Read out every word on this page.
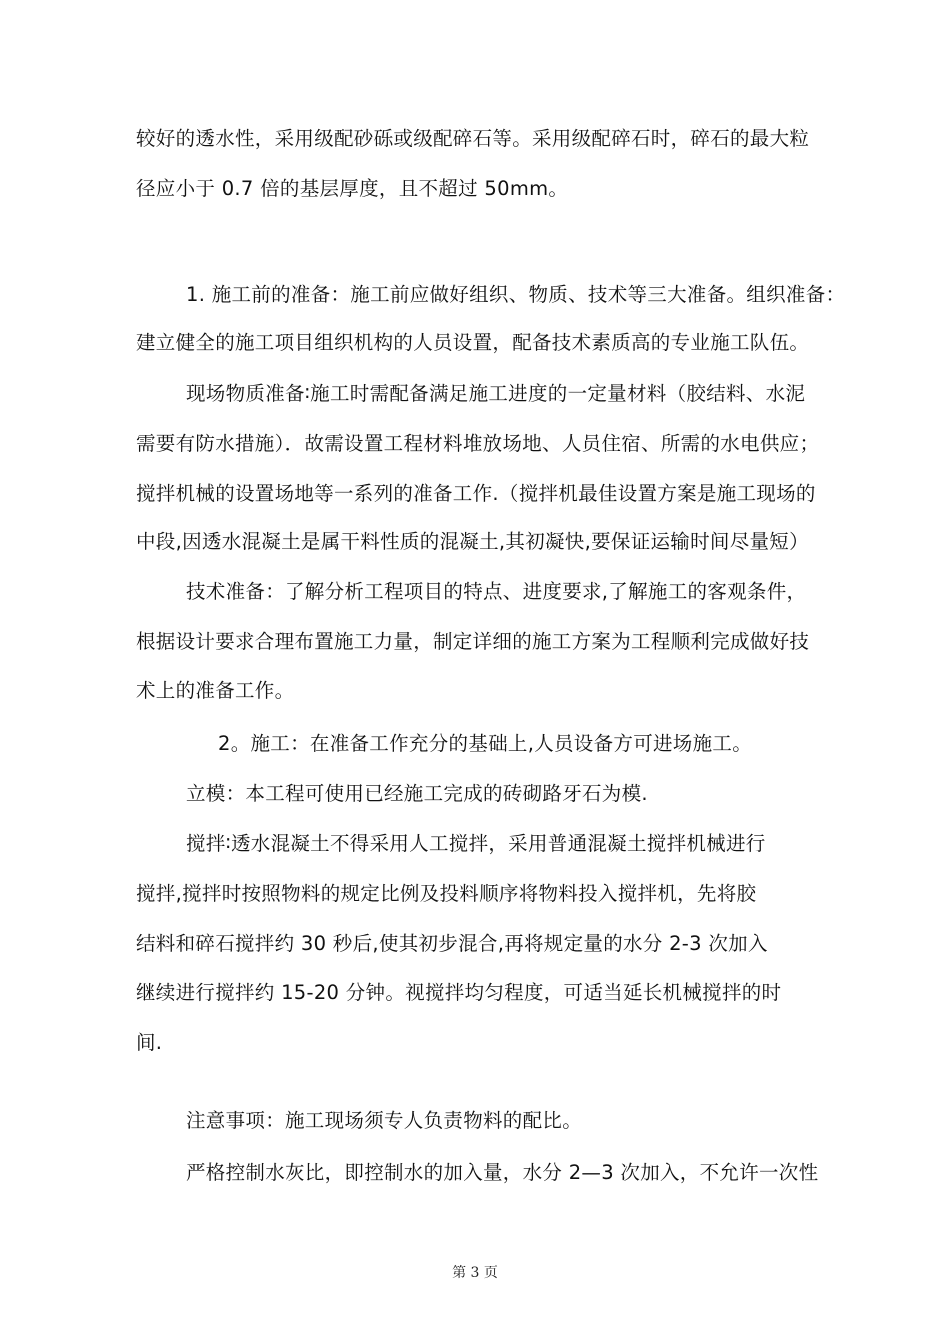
较好的透水性，采用级配砂砾或级配碎石等。采用级配碎石时，碎石的最大粒
径应小于 0.7 倍的基层厚度，且不超过 50mm。
1. 施工前的准备：施工前应做好组织、物质、技术等三大准备。组织准备：
建立健全的施工项目组织机构的人员设置，配备技术素质高的专业施工队伍。
现场物质准备∶施工时需配备满足施工进度的一定量材料（胶结料、水泥
需要有防水措施）．故需设置工程材料堆放场地、人员住宿、所需的水电供应；
搅拌机械的设置场地等一系列的准备工作.（搅拌机最佳设置方案是施工现场的
中段,因透水混凝土是属干料性质的混凝土,其初凝快,要保证运输时间尽量短）
技术准备：了解分析工程项目的特点、进度要求,了解施工的客观条件，
根据设计要求合理布置施工力量，制定详细的施工方案为工程顺利完成做好技
术上的准备工作。
2。施工：在准备工作充分的基础上,人员设备方可进场施工。
立模：本工程可使用已经施工完成的砖砌路牙石为模.
搅拌∶透水混凝土不得采用人工搅拌，采用普通混凝土搅拌机械进行
搅拌,搅拌时按照物料的规定比例及投料顺序将物料投入搅拌机，先将胶
结料和碎石搅拌约 30 秒后,使其初步混合,再将规定量的水分 2-3 次加入
继续进行搅拌约 15-20 分钟。视搅拌均匀程度，可适当延长机械搅拌的时
间.
注意事项：施工现场须专人负责物料的配比。
严格控制水灰比，即控制水的加入量，水分 2—3 次加入，不允许一次性
第 3 页
